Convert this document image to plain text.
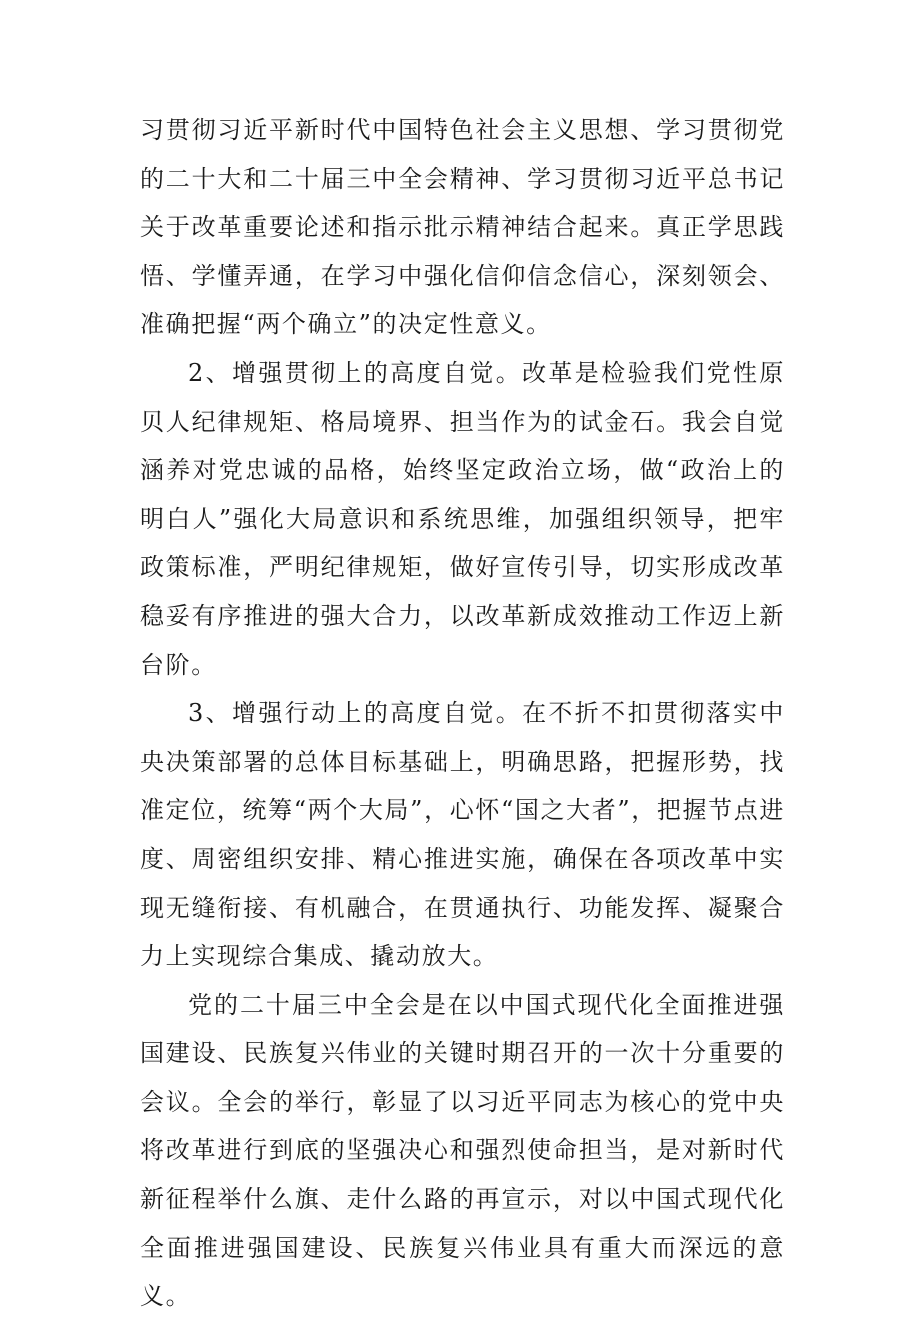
习贯彻习近平新时代中国特色社会主义思想、学习贯彻党的二十大和二十届三中全会精神、学习贯彻习近平总书记关于改革重要论述和指示批示精神结合起来。真正学思践悟、学懂弄通，在学习中强化信仰信念信心，深刻领会、准确把握“两个确立”的决定性意义。

2、增强贯彻上的高度自觉。改革是检验我们党性原贝人纪律规矩、格局境界、担当作为的试金石。我会自觉涵养对党忠诚的品格，始终坚定政治立场，做“政治上的明白人”强化大局意识和系统思维，加强组织领导，把牢政策标准，严明纪律规矩，做好宣传引导，切实形成改革稳妥有序推进的强大合力，以改革新成效推动工作迈上新台阶。

3、增强行动上的高度自觉。在不折不扣贯彻落实中央决策部署的总体目标基础上，明确思路，把握形势，找准定位，统筹“两个大局”，心怀“国之大者”，把握节点进度、周密组织安排、精心推进实施，确保在各项改革中实现无缝衔接、有机融合，在贯通执行、功能发挥、凝聚合力上实现综合集成、撬动放大。

党的二十届三中全会是在以中国式现代化全面推进强国建设、民族复兴伟业的关键时期召开的一次十分重要的会议。全会的举行，彰显了以习近平同志为核心的党中央将改革进行到底的坚强决心和强烈使命担当，是对新时代新征程举什么旗、走什么路的再宣示，对以中国式现代化全面推进强国建设、民族复兴伟业具有重大而深远的意义。
